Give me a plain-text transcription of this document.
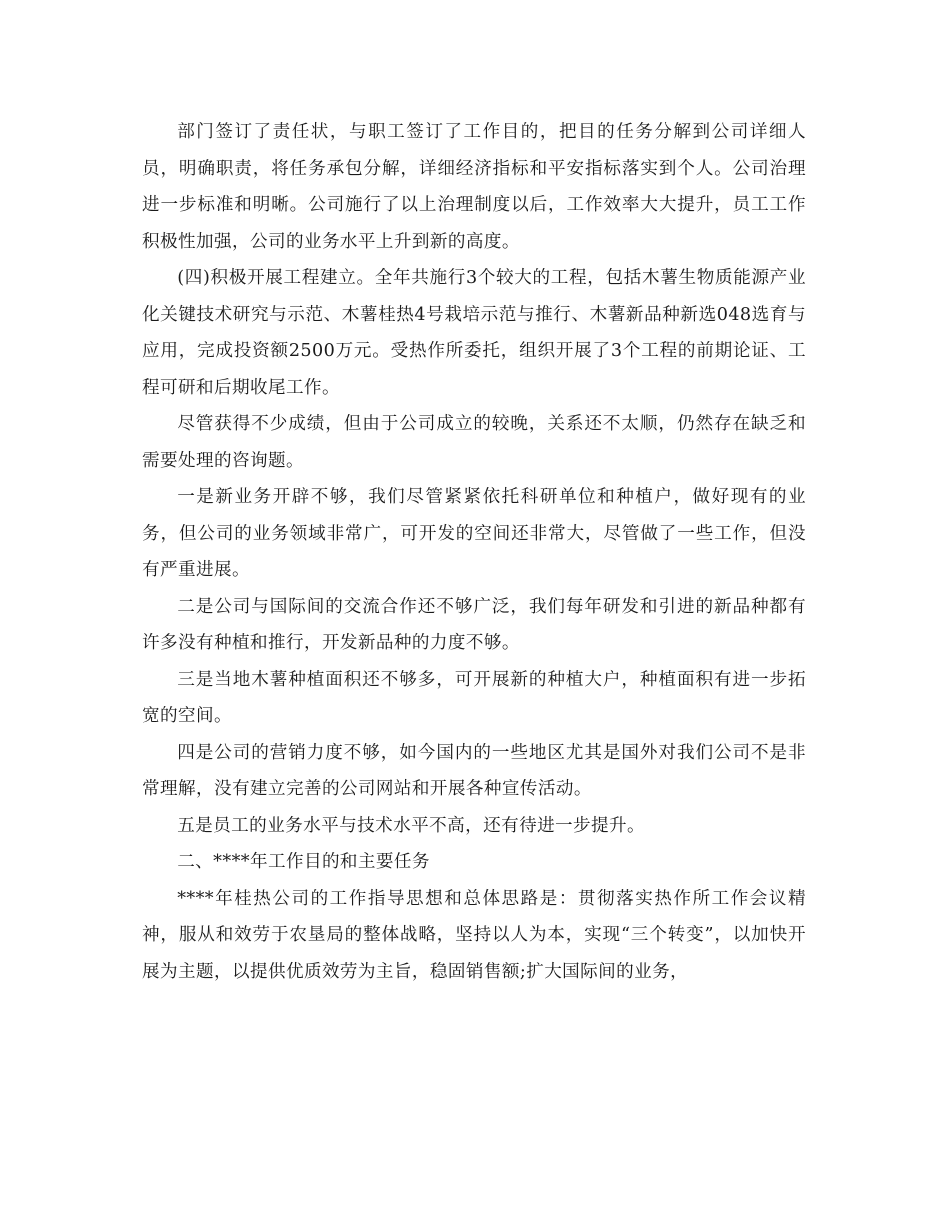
部门签订了责任状，与职工签订了工作目的，把目的任务分解到公司详细人员，明确职责，将任务承包分解，详细经济指标和平安指标落实到个人。公司治理进一步标准和明晰。公司施行了以上治理制度以后，工作效率大大提升，员工工作积极性加强，公司的业务水平上升到新的高度。

(四)积极开展工程建立。全年共施行3个较大的工程，包括木薯生物质能源产业化关键技术研究与示范、木薯桂热4号栽培示范与推行、木薯新品种新选048选育与应用，完成投资额2500万元。受热作所委托，组织开展了3个工程的前期论证、工程可研和后期收尾工作。

尽管获得不少成绩，但由于公司成立的较晚，关系还不太顺，仍然存在缺乏和需要处理的咨询题。

一是新业务开辟不够，我们尽管紧紧依托科研单位和种植户，做好现有的业务，但公司的业务领域非常广，可开发的空间还非常大，尽管做了一些工作，但没有严重进展。

二是公司与国际间的交流合作还不够广泛，我们每年研发和引进的新品种都有许多没有种植和推行，开发新品种的力度不够。

三是当地木薯种植面积还不够多，可开展新的种植大户，种植面积有进一步拓宽的空间。

四是公司的营销力度不够，如今国内的一些地区尤其是国外对我们公司不是非常理解，没有建立完善的公司网站和开展各种宣传活动。

五是员工的业务水平与技术水平不高，还有待进一步提升。

二、****年工作目的和主要任务

****年桂热公司的工作指导思想和总体思路是：贯彻落实热作所工作会议精神，服从和效劳于农垦局的整体战略，坚持以人为本，实现“三个转变”，以加快开展为主题，以提供优质效劳为主旨，稳固销售额;扩大国际间的业务，
